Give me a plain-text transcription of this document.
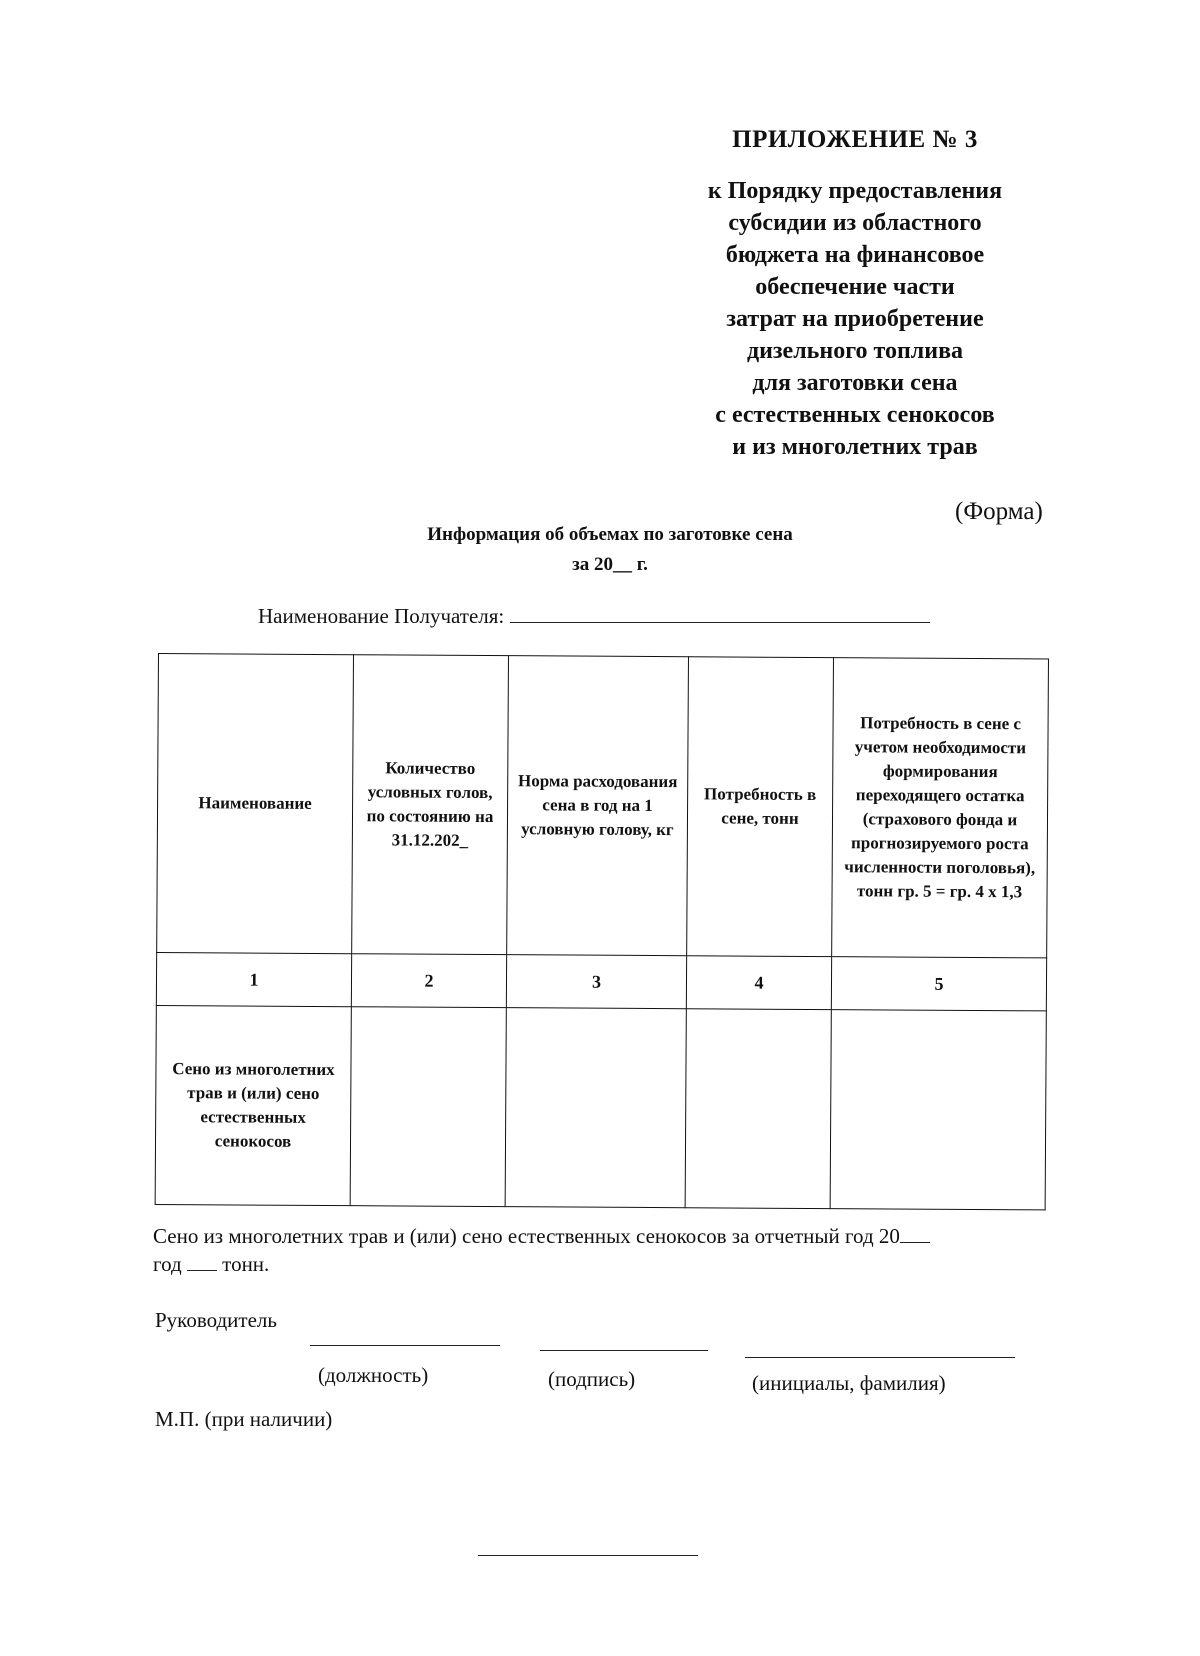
ПРИЛОЖЕНИЕ № 3
к Порядку предоставления
субсидии из областного
бюджета на финансовое
обеспечение части
затрат на приобретение
дизельного топлива
для заготовки сена
с естественных сенокосов
и из многолетних трав
(Форма)
Информация об объемах по заготовке сена
за 20__ г.
Наименование Получателя:
Наименование	Количество условных голов, по состоянию на 31.12.202_	Норма расходования сена в год на 1 условную голову, кг	Потребность в сене, тонн	Потребность в сене с учетом необходимости формирования переходящего остатка (страхового фонда и прогнозируемого роста численности поголовья), тонн гр. 5 = гр. 4 х 1,3
1	2	3	4	5
Сено из многолетних трав и (или) сено естественных сенокосов				
Сено из многолетних трав и (или) сено естественных сенокосов за отчетный год 20
год тонн.
Руководитель
(должность)	(подпись)	(инициалы, фамилия)
М.П. (при наличии)
